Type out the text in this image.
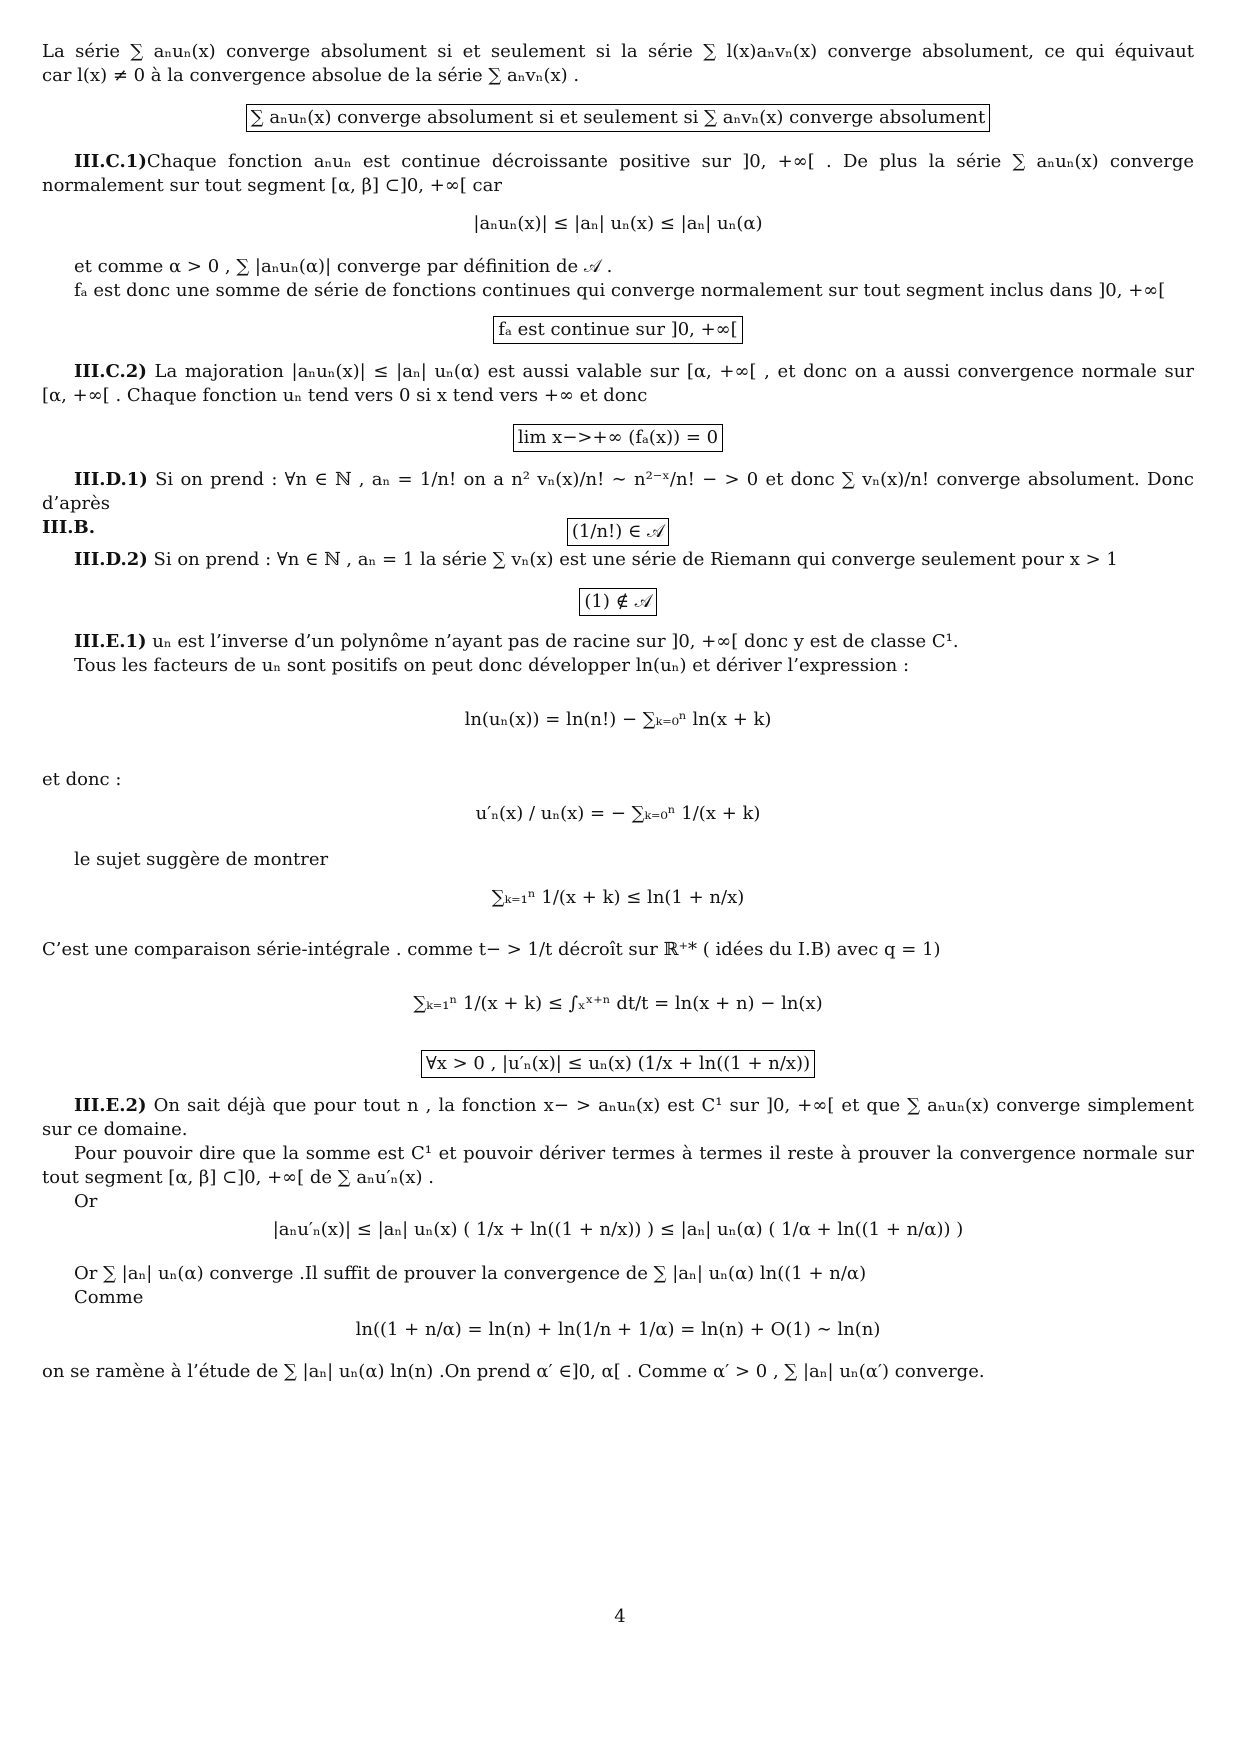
La série ∑ aₙuₙ(x) converge absolument si et seulement si la série ∑ l(x)aₙvₙ(x) converge absolument, ce qui équivaut

car l(x) ≠ 0 à la convergence absolue de la série ∑ aₙvₙ(x) .

∑ aₙuₙ(x) converge absolument si et seulement si ∑ aₙvₙ(x) converge absolument

III.C.1)Chaque fonction aₙuₙ est continue décroissante positive sur ]0, +∞[ . De plus la série ∑ aₙuₙ(x) converge

normalement sur tout segment [α, β] ⊂]0, +∞[ car

|aₙuₙ(x)| ≤ |aₙ| uₙ(x) ≤ |aₙ| uₙ(α)

et comme α > 0 , ∑ |aₙuₙ(α)| converge par définition de 𝒜 .

fₐ est donc une somme de série de fonctions continues qui converge normalement sur tout segment inclus dans ]0, +∞[

fₐ est continue sur ]0, +∞[

III.C.2) La majoration |aₙuₙ(x)| ≤ |aₙ| uₙ(α) est aussi valable sur [α, +∞[ , et donc on a aussi convergence normale sur

[α, +∞[ . Chaque fonction uₙ tend vers 0 si x tend vers +∞ et donc

lim x−>+∞ (fₐ(x)) = 0

III.D.1) Si on prend : ∀n ∈ ℕ , aₙ = 1/n! on a n² vₙ(x)/n! ∼ n²⁻ˣ/n! − > 0 et donc ∑ vₙ(x)/n! converge absolument. Donc d’après

III.B.	(1/n!) ∈ 𝒜

III.D.2) Si on prend : ∀n ∈ ℕ , aₙ = 1 la série ∑ vₙ(x) est une série de Riemann qui converge seulement pour x > 1

(1) ∉ 𝒜

III.E.1) uₙ est l’inverse d’un polynôme n’ayant pas de racine sur ]0, +∞[ donc y est de classe C¹.

Tous les facteurs de uₙ sont positifs on peut donc développer ln(uₙ) et dériver l’expression :

ln(uₙ(x)) = ln(n!) − ∑ₖ₌₀ⁿ ln(x + k)
et donc :
u′ₙ(x) / uₙ(x) = − ∑ₖ₌₀ⁿ 1/(x + k)

le sujet suggère de montrer

∑ₖ₌₁ⁿ 1/(x + k) ≤ ln(1 + n/x)
C’est une comparaison série-intégrale . comme t− > 1/t décroît sur ℝ⁺* ( idées du I.B) avec q = 1)
∑ₖ₌₁ⁿ 1/(x + k) ≤ ∫ₓˣ⁺ⁿ dt/t = ln(x + n) − ln(x)
∀x > 0 , |u′ₙ(x)| ≤ uₙ(x) (1/x + ln((1 + n/x))

III.E.2) On sait déjà que pour tout n , la fonction x− > aₙuₙ(x) est C¹ sur ]0, +∞[ et que ∑ aₙuₙ(x) converge simplement

sur ce domaine.

Pour pouvoir dire que la somme est C¹ et pouvoir dériver termes à termes il reste à prouver la convergence normale sur

tout segment [α, β] ⊂]0, +∞[ de ∑ aₙu′ₙ(x) .

Or

|aₙu′ₙ(x)| ≤ |aₙ| uₙ(x) ( 1/x + ln((1 + n/x)) ) ≤ |aₙ| uₙ(α) ( 1/α + ln((1 + n/α)) )

Or ∑ |aₙ| uₙ(α) converge .Il suffit de prouver la convergence de ∑ |aₙ| uₙ(α) ln((1 + n/α)

Comme

ln((1 + n/α) = ln(n) + ln(1/n + 1/α) = ln(n) + O(1) ∼ ln(n)
on se ramène à l’étude de ∑ |aₙ| uₙ(α) ln(n) .On prend α′ ∈]0, α[ . Comme α′ > 0 , ∑ |aₙ| uₙ(α′) converge.
4
